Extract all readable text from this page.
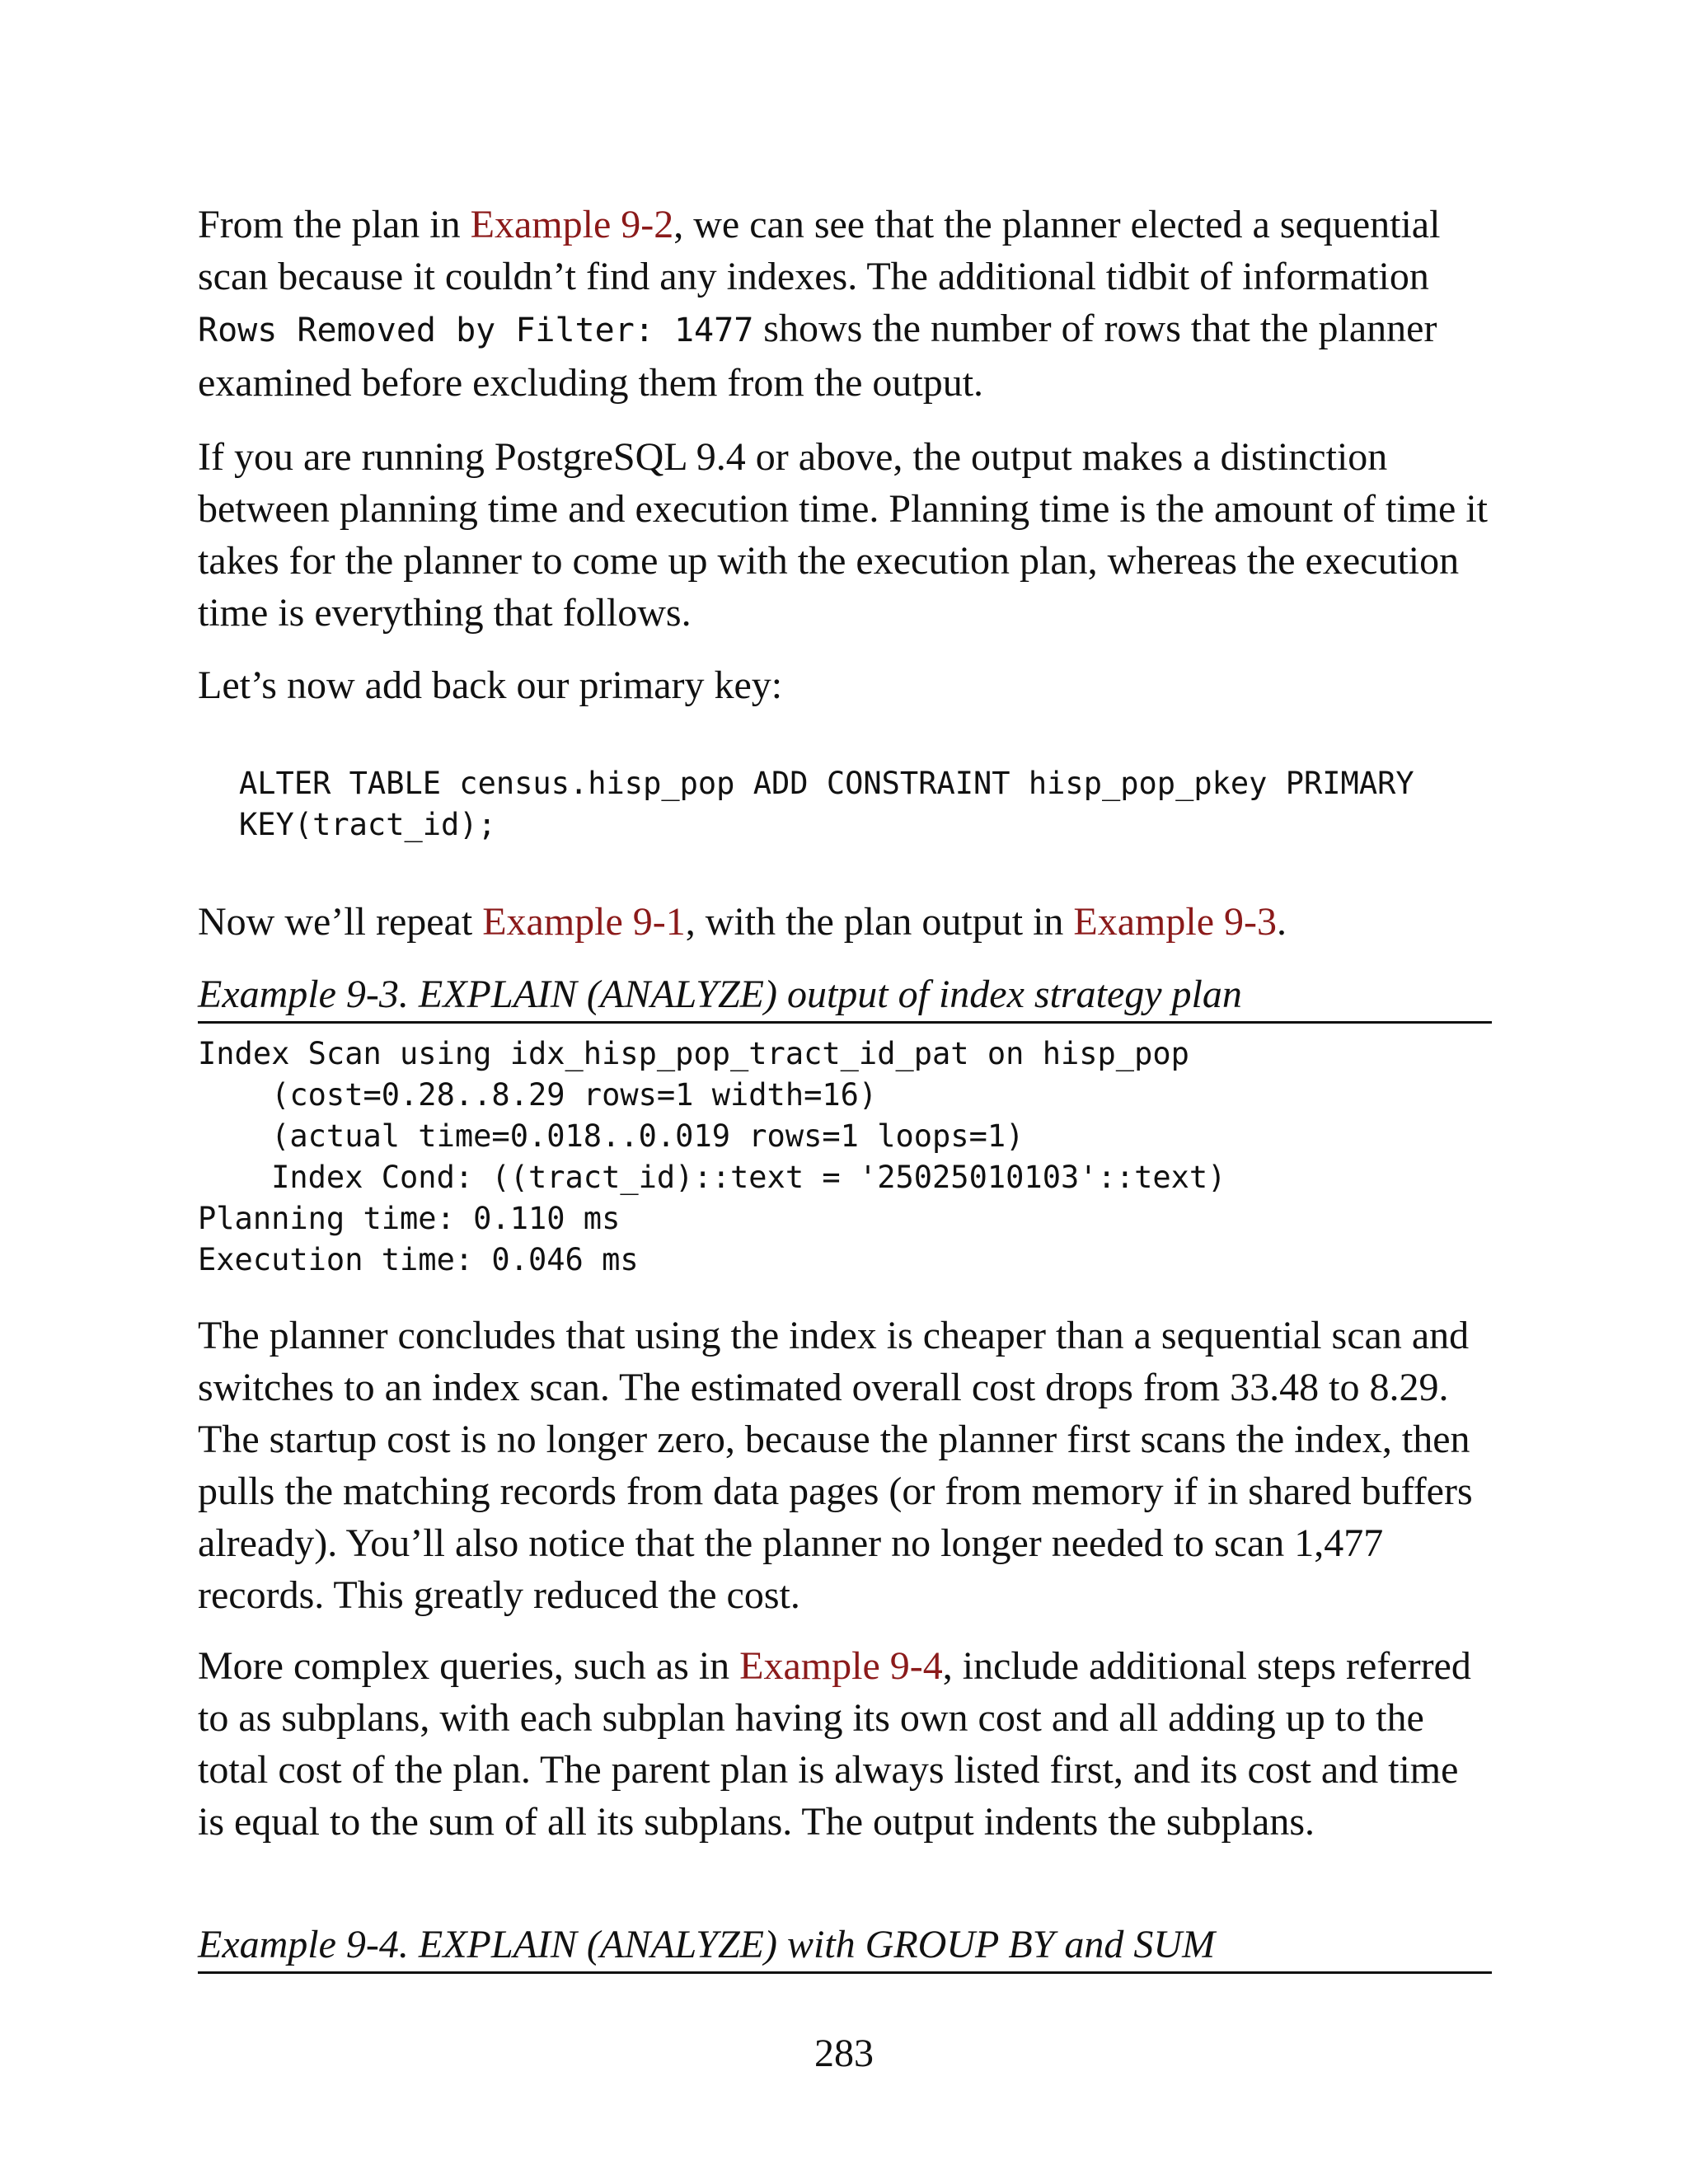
From the plan in Example 9-2, we can see that the planner elected a sequential scan because it couldn’t find any indexes. The additional tidbit of information Rows Removed by Filter: 1477 shows the number of rows that the planner examined before excluding them from the output.

If you are running PostgreSQL 9.4 or above, the output makes a distinction between planning time and execution time. Planning time is the amount of time it takes for the planner to come up with the execution plan, whereas the execution time is everything that follows.

Let’s now add back our primary key:

ALTER TABLE census.hisp_pop ADD CONSTRAINT hisp_pop_pkey PRIMARY
KEY(tract_id);

Now we’ll repeat Example 9-1, with the plan output in Example 9-3.

Example 9-3. EXPLAIN (ANALYZE) output of index strategy plan

Index Scan using idx_hisp_pop_tract_id_pat on hisp_pop
(cost=0.28..8.29 rows=1 width=16)
(actual time=0.018..0.019 rows=1 loops=1)
Index Cond: ((tract_id)::text = '25025010103'::text)
Planning time: 0.110 ms
Execution time: 0.046 ms

The planner concludes that using the index is cheaper than a sequential scan and switches to an index scan. The estimated overall cost drops from 33.48 to 8.29. The startup cost is no longer zero, because the planner first scans the index, then pulls the matching records from data pages (or from memory if in shared buffers already). You’ll also notice that the planner no longer needed to scan 1,477 records. This greatly reduced the cost.

More complex queries, such as in Example 9-4, include additional steps referred to as subplans, with each subplan having its own cost and all adding up to the total cost of the plan. The parent plan is always listed first, and its cost and time is equal to the sum of all its subplans. The output indents the subplans.

Example 9-4. EXPLAIN (ANALYZE) with GROUP BY and SUM

283
